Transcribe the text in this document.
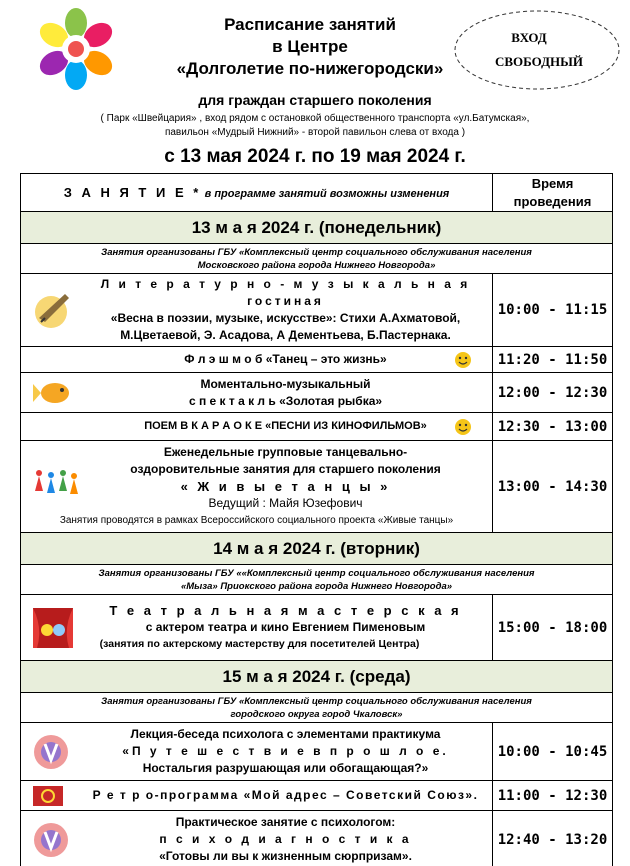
Расписание занятий
в Центре
«Долголетие по-нижегородски»
ВХОД
СВОБОДНЫЙ
для граждан старшего поколения
( Парк «Швейцария» , вход рядом с остановкой общественного транспорта «ул.Батумская»,
павильон «Мудрый Нижний» - второй павильон слева от входа )
с 13 мая 2024 г. по 19 мая 2024 г.
З А Н Я Т И Е * в программе занятий возможны изменения	Время
проведения

13 м а я 2024 г. (понедельник)	

Занятия организованы ГБУ «Комплексный центр социального обслуживания населения
Московского района города Нижнего Новгорода»	

Л и т е р а т у р н о - м у з ы к а л ь н а я гостиная
«Весна в поэзии, музыке, искусстве»: Стихи А.Ахматовой,
М.Цветаевой, Э. Асадова, А Дементьева, Б.Пастернака.	10:00 - 11:15

Ф л э ш м о б «Танец – это жизнь»	11:20 - 11:50

Моментально-музыкальный
с п е к т а к л ь «Золотая рыбка»	12:00 - 12:30

ПОЕМ В К А Р А О К Е «ПЕСНИ ИЗ КИНОФИЛЬМОВ»	12:30 - 13:00

Еженедельные групповые танцевально-
оздоровительные занятия для старшего поколения
« Ж и в ы е т а н ц ы »
Ведущий : Майя Юзефович
Занятия проводятся в рамках Всероссийского социального проекта «Живые танцы»	13:00 - 14:30
14 м а я 2024 г. (вторник)	

Занятия организованы ГБУ ««Комплексный центр социального обслуживания населения
«Мыза» Приокского района города Нижнего Новгорода»	

Т е а т р а л ь н а я м а с т е р с к а я
с актером театра и кино Евгением Пименовым
(занятия по актерскому мастерству для посетителей Центра)	15:00 - 18:00
15 м а я 2024 г. (среда)	

Занятия организованы ГБУ «Комплексный центр социального обслуживания населения
городского округа город Чкаловск»	

Лекция-беседа психолога с элементами практикума
«П у т е ш е с т в и е в п р о ш л о е.
Ностальгия разрушающая или обогащающая?»	10:00 - 10:45

Р е т р о-программа «Мой адрес – Советский Союз».	11:00 - 12:30

Практическое занятие с психологом:
п с и х о д и а г н о с т и к а
«Готовы ли вы к жизненным сюрпризам».	12:40 - 13:20
